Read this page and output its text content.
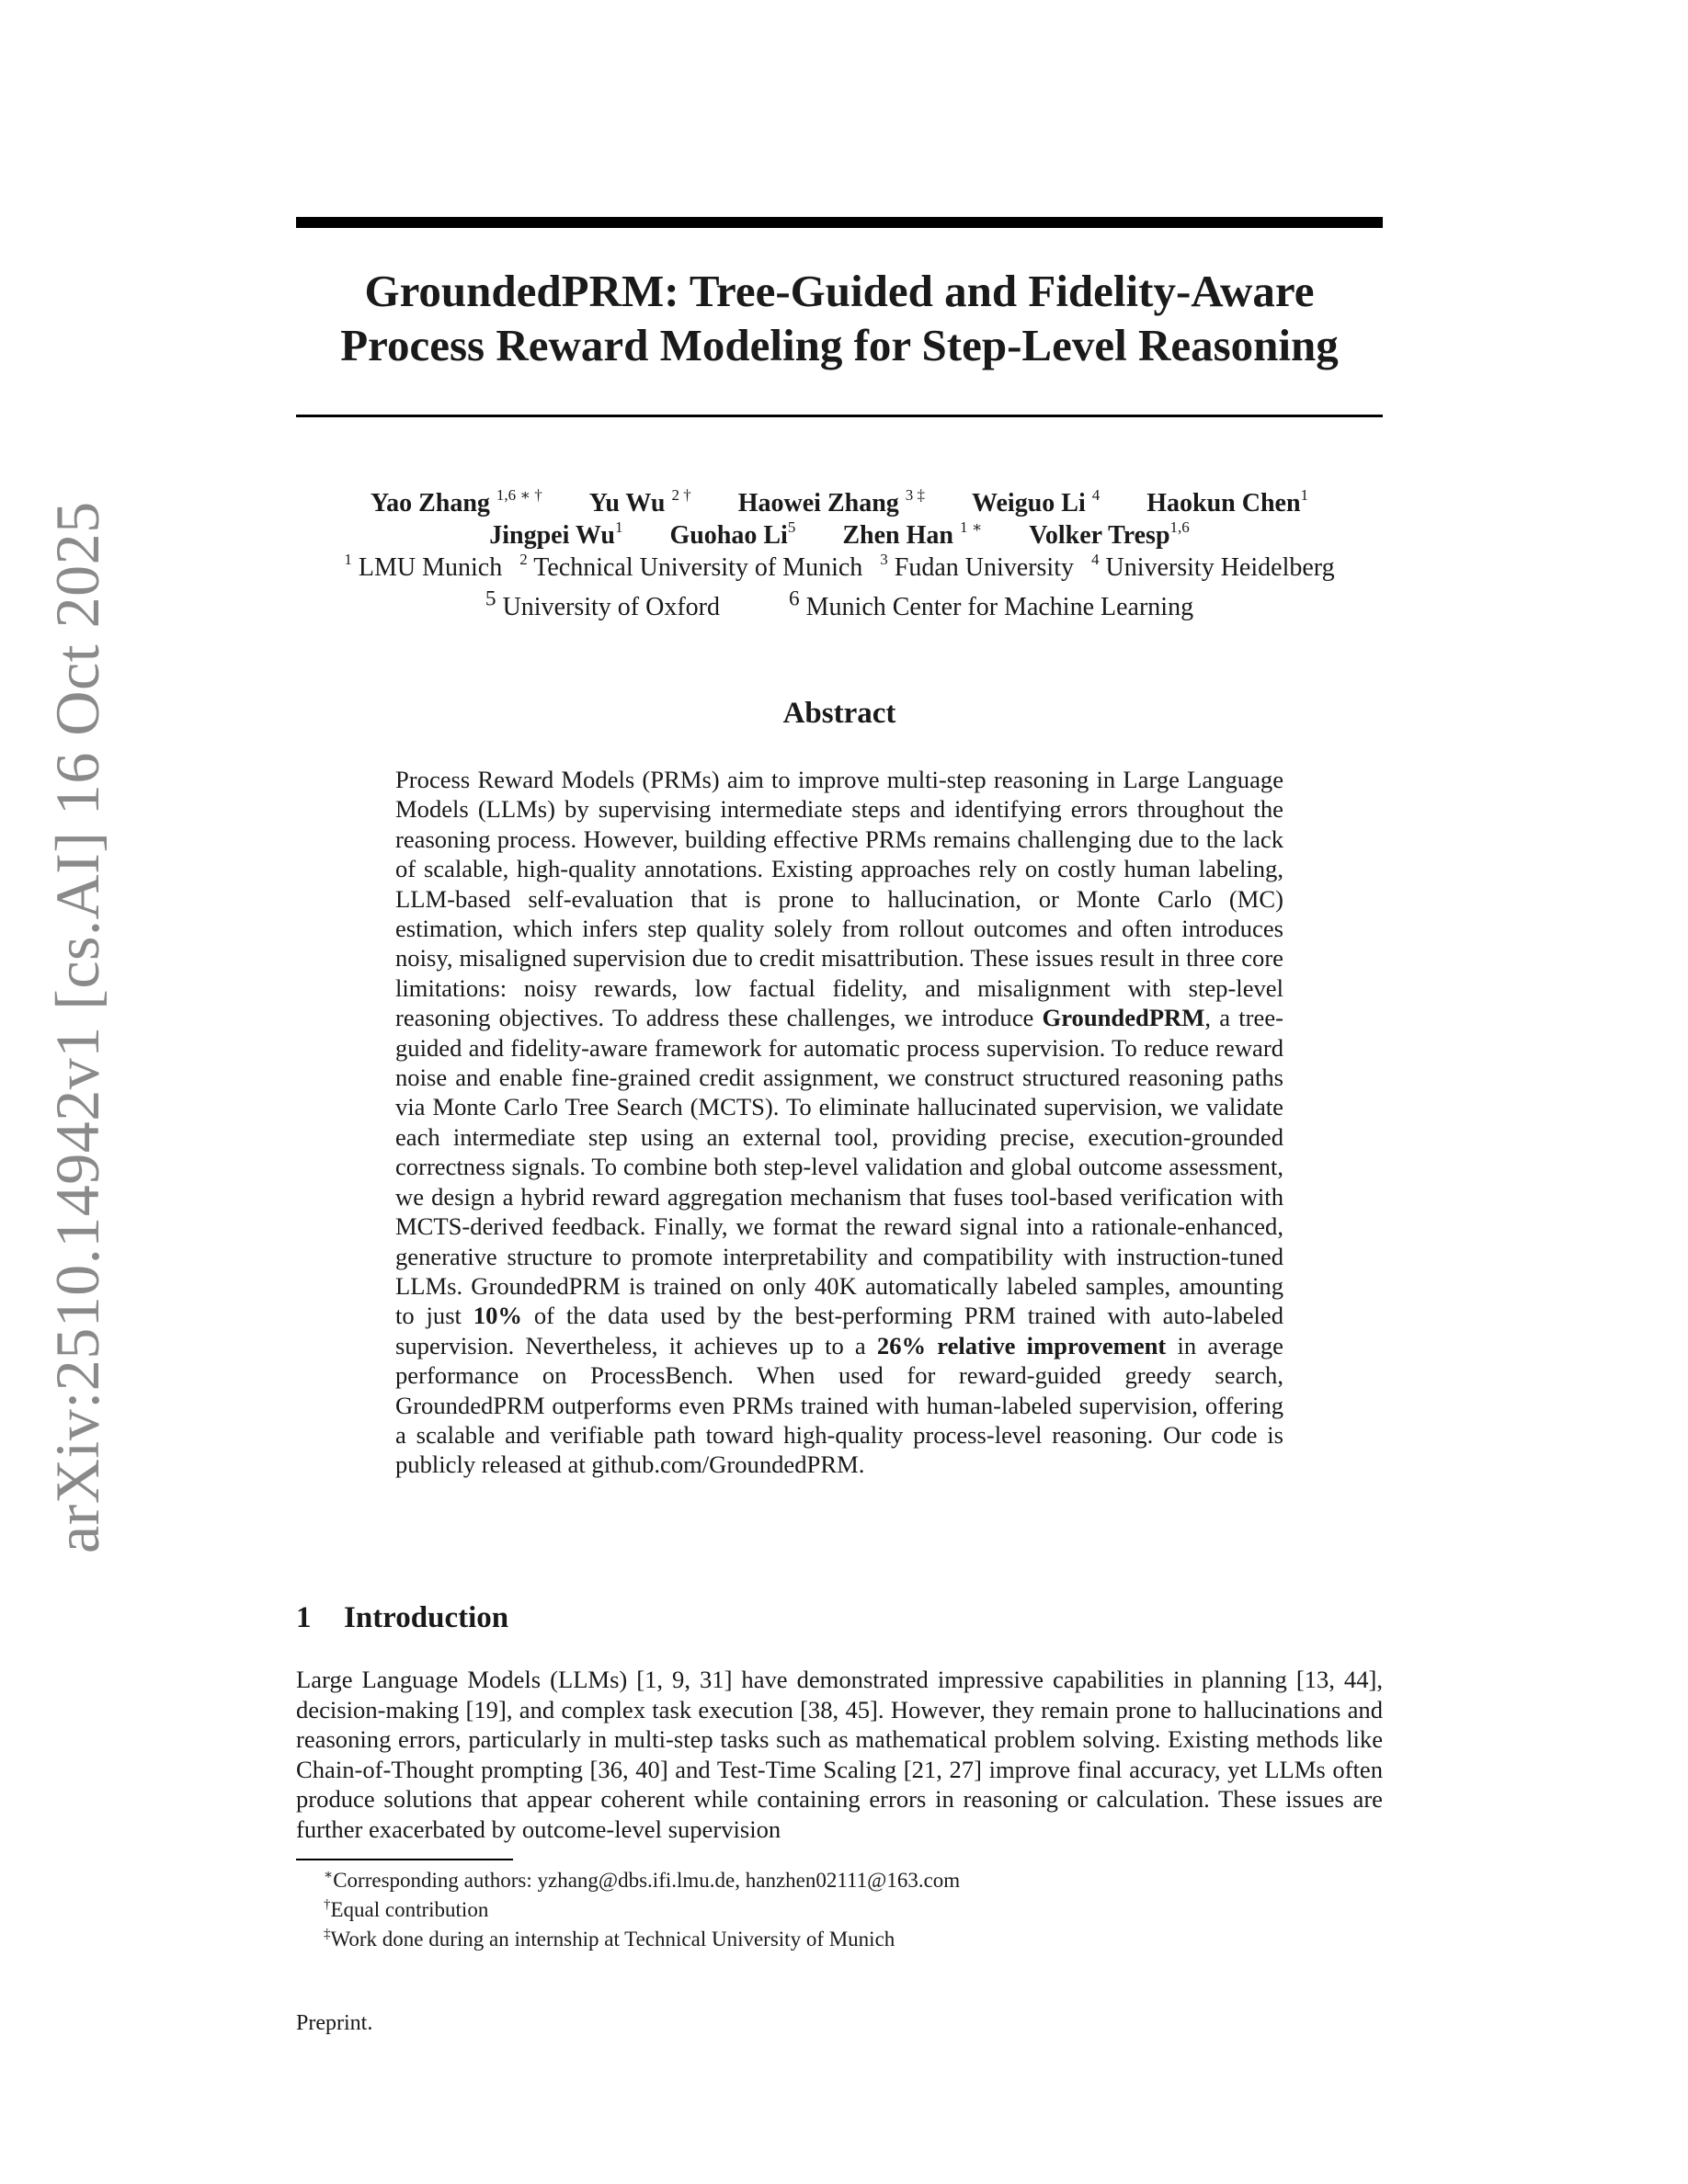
arXiv:2510.14942v1 [cs.AI] 16 Oct 2025
GroundedPRM: Tree-Guided and Fidelity-Aware
Process Reward Modeling for Step-Level Reasoning
Yao Zhang $^{1,6 ∗ \dagger}$ Yu Wu $^{2 \dagger}$ Haowei Zhang $^{3 \ddagger}$ Weiguo Li $^4$ Haokun Chen$^1$
Jingpei Wu$^1$ Guohao Li$^5$ Zhen Han $^{1 ∗}$ Volker Tresp$^{1,6}$
$^1$ LMU Munich $^2$ Technical University of Munich $^3$ Fudan University $^4$ University Heidelberg
$^5$ University of Oxford	$^6$ Munich Center for Machine Learning
Abstract

Process Reward Models (PRMs) aim to improve multi-step reasoning in Large Language Models (LLMs) by supervising intermediate steps and identifying errors throughout the reasoning process. However, building effective PRMs remains challenging due to the lack of scalable, high-quality annotations. Existing approaches rely on costly human labeling, LLM-based self-evaluation that is prone to hallucination, or Monte Carlo (MC) estimation, which infers step quality solely from rollout outcomes and often introduces noisy, misaligned supervision due to credit misattribution. These issues result in three core limitations: noisy rewards, low factual fidelity, and misalignment with step-level reasoning objectives. To address these challenges, we introduce GroundedPRM, a tree-guided and fidelity-aware framework for automatic process supervision. To reduce reward noise and enable fine-grained credit assignment, we construct structured reasoning paths via Monte Carlo Tree Search (MCTS). To eliminate hallucinated supervision, we validate each intermediate step using an external tool, providing precise, execution-grounded correctness signals. To combine both step-level validation and global outcome assessment, we design a hybrid reward aggregation mechanism that fuses tool-based verification with MCTS-derived feedback. Finally, we format the reward signal into a rationale-enhanced, generative structure to promote interpretability and compatibility with instruction-tuned LLMs. GroundedPRM is trained on only 40K automatically labeled samples, amounting to just 10% of the data used by the best-performing PRM trained with auto-labeled supervision. Nevertheless, it achieves up to a 26% relative improvement in average performance on ProcessBench. When used for reward-guided greedy search, GroundedPRM outperforms even PRMs trained with human-labeled supervision, offering a scalable and verifiable path toward high-quality process-level reasoning. Our code is publicly released at github.com/GroundedPRM.

1 Introduction

Large Language Models (LLMs) [1, 9, 31] have demonstrated impressive capabilities in planning [13, 44], decision-making [19], and complex task execution [38, 45]. However, they remain prone to hallucinations and reasoning errors, particularly in multi-step tasks such as mathematical problem solving. Existing methods like Chain-of-Thought prompting [36, 40] and Test-Time Scaling [21, 27] improve final accuracy, yet LLMs often produce solutions that appear coherent while containing errors in reasoning or calculation. These issues are further exacerbated by outcome-level supervision

∗Corresponding authors: yzhang@dbs.ifi.lmu.de, hanzhen02111@163.com
†Equal contribution
‡Work done during an internship at Technical University of Munich
Preprint.
